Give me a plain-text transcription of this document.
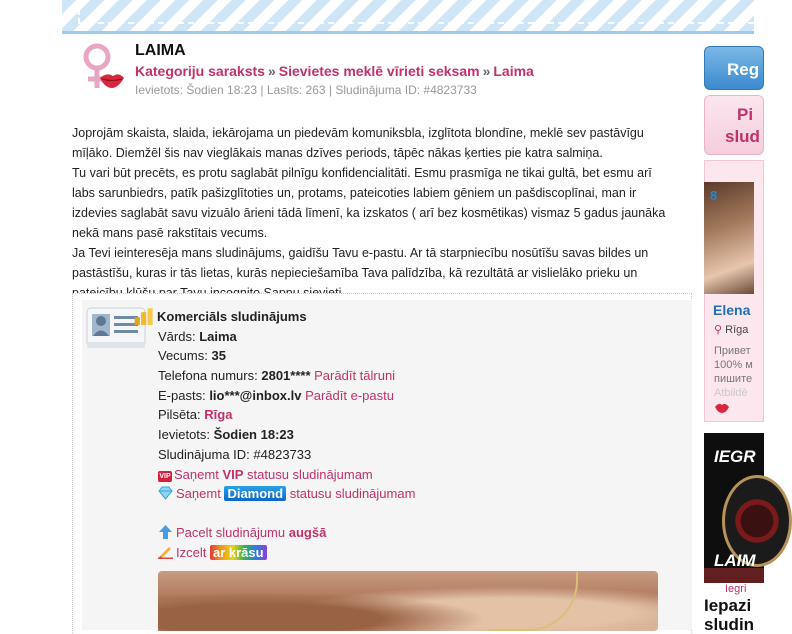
LAIMA
Kategoriju saraksts » Sievietes meklē vīrieti seksam » Laima
Ievietots: Šodien 18:23 | Lasīts: 263 | Sludinājuma ID: #4823733
Joprojām skaista, slaida, iekārojama un piedevām komuniksbla, izglītota blondīne, meklē sev pastāvīgu
mīļāko. Diemžēl šis nav vieglākais manas dzīves periods, tāpēc nākas ķerties pie katra salmiņa.
Tu vari būt precēts, es protu saglabāt pilnīgu konfidencialitāti. Esmu prasmīga ne tikai gultā, bet esmu arī
labs sarunbiedrs, patīk pašizglītoties un, protams, pateicoties labiem gēniem un pašdiscoplīnai, man ir
izdevies saglabāt savu vizuālo ārieni tādā līmenī, ka izskatos ( arī bez kosmētikas) vismaz 5 gadus jaunāka
nekā mans pasē rakstītais vecums.
Ja Tevi ieinteresēja mans sludinājums, gaidīšu Tavu e-pastu. Ar tā starpniecību nosūtīšu savas bildes un
pastāstīšu, kuras ir tās lietas, kurās nepieciešamība Tava palīdzība, kā rezultātā ar vislielāko prieku un
Komerciāls sludinājums
Vārds: Laima
Vecums: 35
Telefona numurs: 2801**** Parādīt tālruni
E-pasts: lio***@inbox.lv Parādīt e-pastu
Pilsēta: Rīga
Ievietots: Šodien 18:23
Sludinājuma ID: #4823733
VIP Saņemt VIP statusu sludinājumam
Saņemt Diamond statusu sludinājumam
Pacelt sludinājumu augšā
Izcelt ar krāsu
Reg
Pi
slud
8
Elena
⚲ Rīga
Привет
100% м
пишите
Atbildē
IEGR
LAIM
Iegri
Iepazi
sludin
